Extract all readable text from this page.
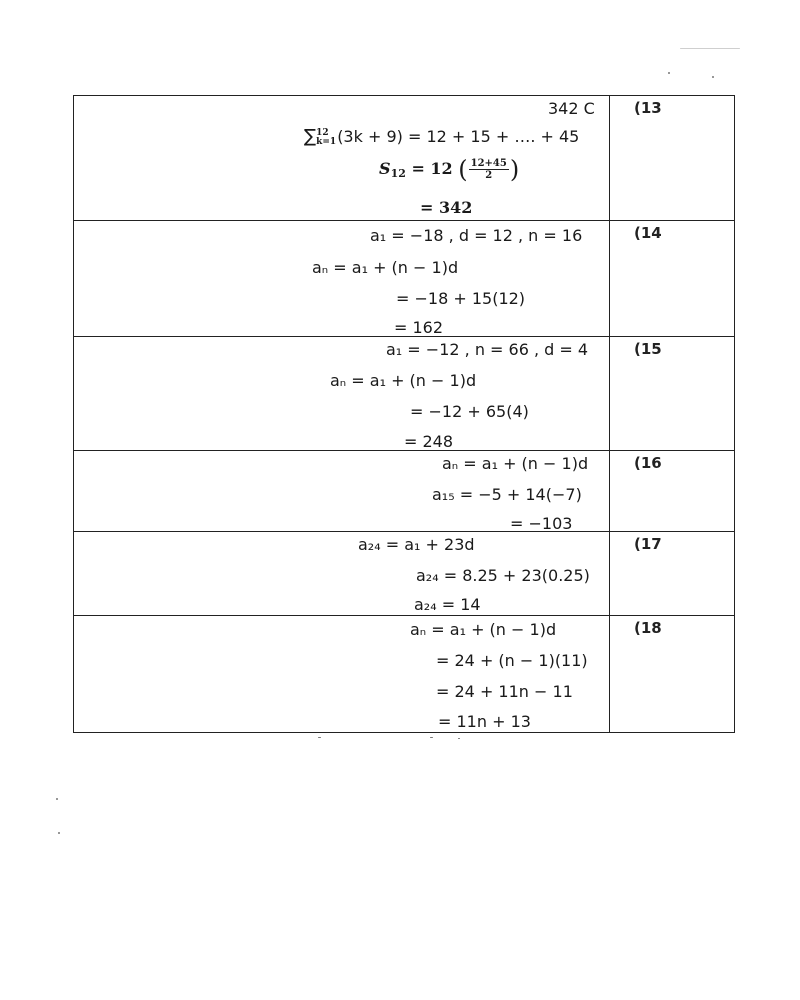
(13
342 C
∑ 12
k=1 (3k + 9) = 12 + 15 + …. + 45
$S_{12} = 12$ ( $\frac{12+45}{2}$ )
= 342
(14
a₁ = −18 , d = 12 , n = 16
aₙ = a₁ + (n − 1)d
= −18 + 15(12)
= 162
(15
a₁ = −12 , n = 66 , d = 4
aₙ = a₁ + (n − 1)d
= −12 + 65(4)
= 248
(16
aₙ = a₁ + (n − 1)d
a₁₅ = −5 + 14(−7)
= −103
(17
a₂₄ = a₁ + 23d
a₂₄ = 8.25 + 23(0.25)
a₂₄ = 14
(18
aₙ = a₁ + (n − 1)d
= 24 + (n − 1)(11)
= 24 + 11n − 11
= 11n + 13
